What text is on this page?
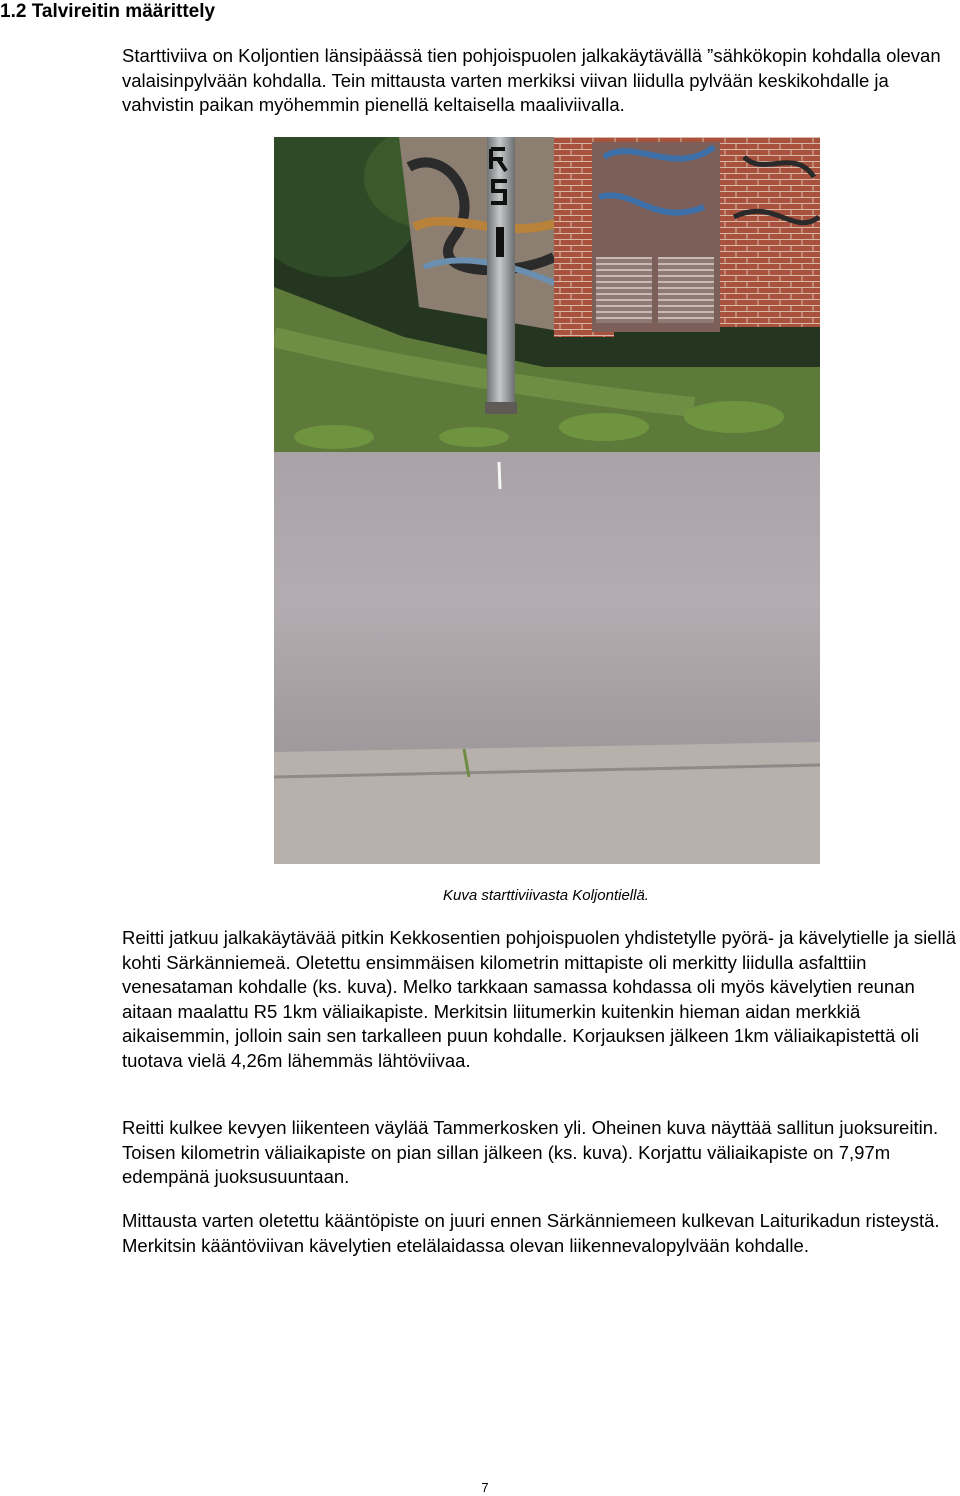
1.2 Talvireitin määrittely

Starttiviiva on Koljontien länsipäässä tien pohjoispuolen jalkakäytävällä ”sähkökopin kohdalla olevan valaisinpylvään kohdalla. Tein mittausta varten merkiksi viivan liidulla pylvään keskikohdalle ja vahvistin paikan myöhemmin pienellä keltaisella maaliviivalla.

Kuva starttiviivasta Koljontiellä.

Reitti jatkuu jalkakäytävää pitkin Kekkosentien pohjoispuolen yhdistetylle pyörä- ja kävelytielle ja siellä kohti Särkänniemeä. Oletettu ensimmäisen kilometrin mittapiste oli merkitty liidulla asfalttiin venesataman kohdalle (ks. kuva). Melko tarkkaan samassa kohdassa oli myös kävelytien reunan aitaan maalattu R5 1km väliaikapiste. Merkitsin liitumerkin kuitenkin hieman aidan merkkiä aikaisemmin, jolloin sain sen tarkalleen puun kohdalle. Korjauksen jälkeen 1km väliaikapistettä oli tuotava vielä 4,26m lähemmäs lähtöviivaa.

Reitti kulkee kevyen liikenteen väylää Tammerkosken yli. Oheinen kuva näyttää sallitun juoksureitin. Toisen kilometrin väliaikapiste on pian sillan jälkeen (ks. kuva). Korjattu väliaikapiste on 7,97m edempänä juoksusuuntaan.

Mittausta varten oletettu kääntöpiste on juuri ennen Särkänniemeen kulkevan Laiturikadun risteystä. Merkitsin kääntöviivan kävelytien etelälaidassa olevan liikennevalopylvään kohdalle.

7
